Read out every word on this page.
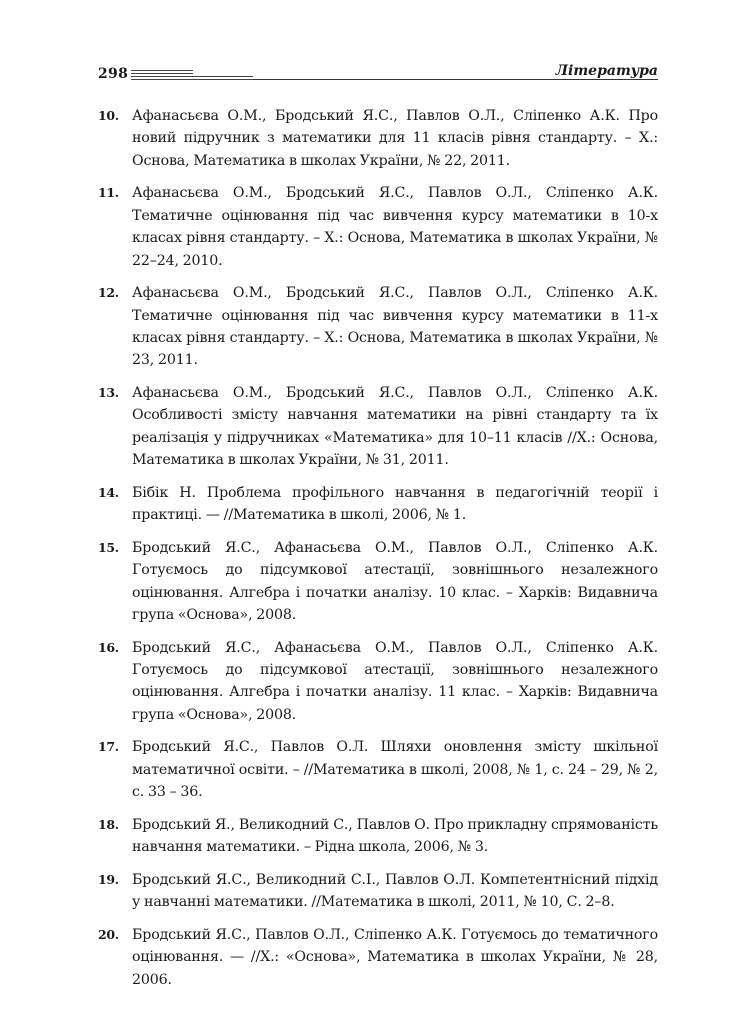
298	Література
10. Афанасьєва О.М., Бродський Я.С., Павлов О.Л., Сліпенко А.К. Про новий підручник з математики для 11 класів рівня стандарту. – Х.: Основа, Математика в школах України, № 22, 2011.
11. Афанасьєва О.М., Бродський Я.С., Павлов О.Л., Сліпенко А.К. Тематичне оцінювання під час вивчення курсу математики в 10-х класах рівня стандарту. – Х.: Основа, Математика в школах України, № 22–24, 2010.
12. Афанасьєва О.М., Бродський Я.С., Павлов О.Л., Сліпенко А.К. Тематичне оцінювання під час вивчення курсу математики в 11-х класах рівня стандарту. – Х.: Основа, Математика в школах України, № 23, 2011.
13. Афанасьєва О.М., Бродський Я.С., Павлов О.Л., Сліпенко А.К. Особливості змісту навчання математики на рівні стандарту та їх реалізація у підручниках «Математика» для 10–11 класів //Х.: Основа, Математика в школах України, № 31, 2011.
14. Бібік Н. Проблема профільного навчання в педагогічній теорії і практиці. — //Математика в школі, 2006, № 1.
15. Бродський Я.С., Афанасьєва О.М., Павлов О.Л., Сліпенко А.К. Готуємось до підсумкової атестації, зовнішнього незалежного оцінювання. Алгебра і початки аналізу. 10 клас. – Харків: Видавнича група «Основа», 2008.
16. Бродський Я.С., Афанасьєва О.М., Павлов О.Л., Сліпенко А.К. Готуємось до підсумкової атестації, зовнішнього незалежного оцінювання. Алгебра і початки аналізу. 11 клас. – Харків: Видавнича група «Основа», 2008.
17. Бродський Я.С., Павлов О.Л. Шляхи оновлення змісту шкільної математичної освіти. – //Математика в школі, 2008, № 1, с. 24 – 29, № 2, с. 33 – 36.
18. Бродський Я., Великодний С., Павлов О. Про прикладну спрямованість навчання математики. – Рідна школа, 2006, № 3.
19. Бродський Я.С., Великодний С.І., Павлов О.Л. Компетентнісний підхід у навчанні математики. //Математика в школі, 2011, № 10, С. 2–8.
20. Бродський Я.С., Павлов О.Л., Сліпенко А.К. Готуємось до тематичного оцінювання. — //Х.: «Основа», Математика в школах України, № 28, 2006.
